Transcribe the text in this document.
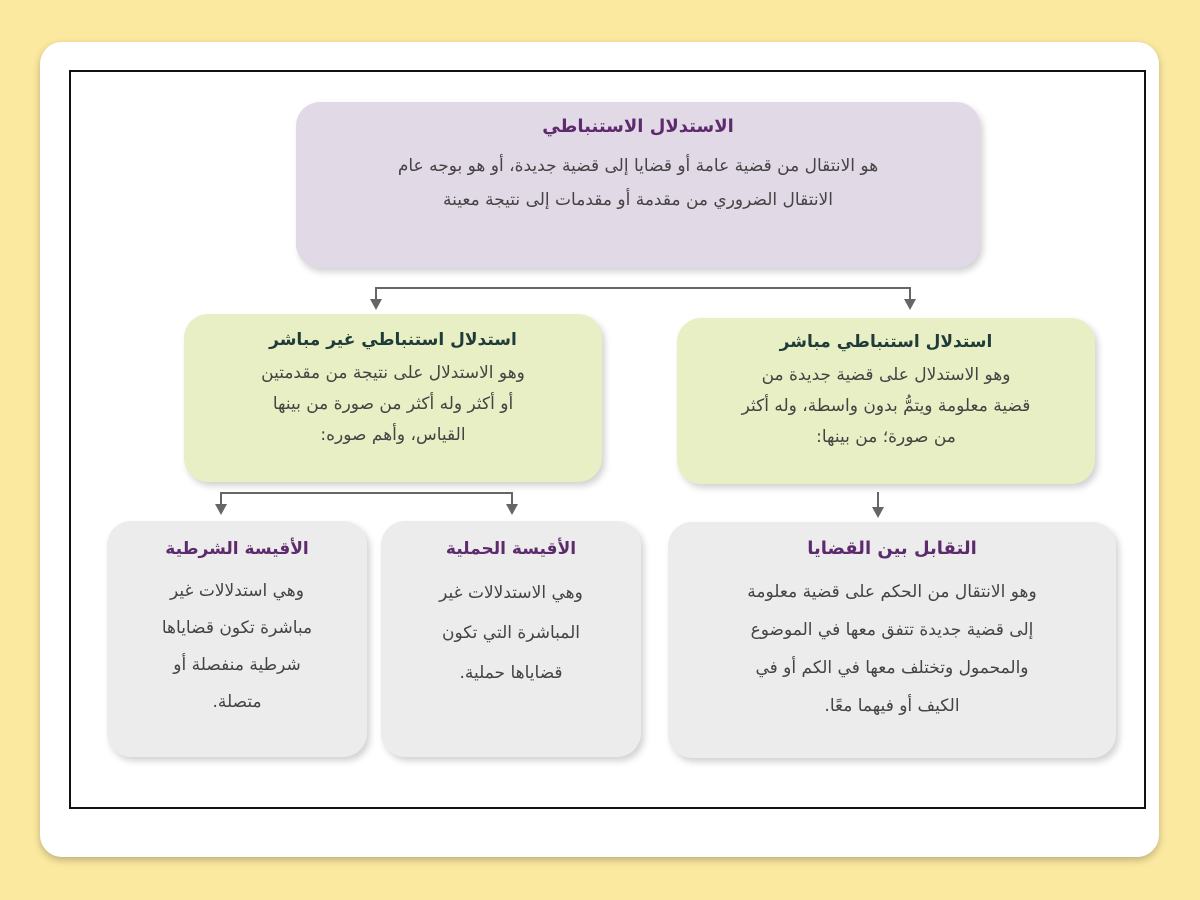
الاستدلال الاستنباطي
هو الانتقال من قضية عامة أو قضايا إلى قضية جديدة، أو هو بوجه عام
الانتقال الضروري من مقدمة أو مقدمات إلى نتيجة معينة
استدلال استنباطي غير مباشر
وهو الاستدلال على نتيجة من مقدمتين
أو أكثر وله أكثر من صورة من بينها
القياس، وأهم صوره:
استدلال استنباطي مباشر
وهو الاستدلال على قضية جديدة من
قضية معلومة ويتمُّ بدون واسطة، وله أكثر
من صورة؛ من بينها:
الأقيسة الشرطية
وهي استدلالات غير
مباشرة تكون قضاياها
شرطية منفصلة أو
متصلة.
الأقيسة الحملية
وهي الاستدلالات غير
المباشرة التي تكون
قضاياها حملية.
التقابل بين القضايا
وهو الانتقال من الحكم على قضية معلومة
إلى قضية جديدة تتفق معها في الموضوع
والمحمول وتختلف معها في الكم أو في
الكيف أو فيهما معًا.
